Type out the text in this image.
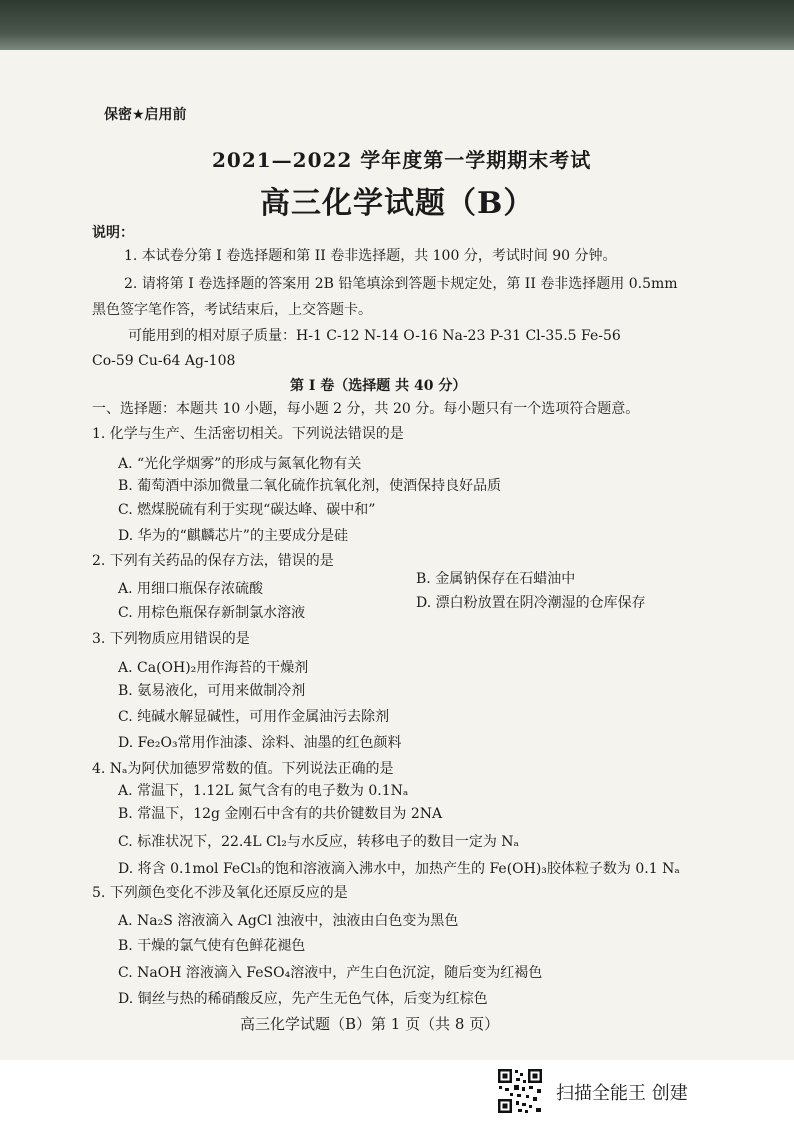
保密★启用前
2021—2022 学年度第一学期期末考试
高三化学试题（B）
说明：
1. 本试卷分第 I 卷选择题和第 II 卷非选择题，共 100 分，考试时间 90 分钟。
2. 请将第 I 卷选择题的答案用 2B 铅笔填涂到答题卡规定处，第 II 卷非选择题用 0.5mm
黑色签字笔作答，考试结束后，上交答题卡。
可能用到的相对原子质量：H-1 C-12 N-14 O-16 Na-23 P-31 Cl-35.5 Fe-56
Co-59 Cu-64 Ag-108
第 I 卷（选择题 共 40 分）
一、选择题：本题共 10 小题，每小题 2 分，共 20 分。每小题只有一个选项符合题意。
1. 化学与生产、生活密切相关。下列说法错误的是
A. “光化学烟雾”的形成与氮氧化物有关
B. 葡萄酒中添加微量二氧化硫作抗氧化剂，使酒保持良好品质
C. 燃煤脱硫有利于实现“碳达峰、碳中和”
D. 华为的“麒麟芯片”的主要成分是硅
2. 下列有关药品的保存方法，错误的是
A. 用细口瓶保存浓硫酸
B. 金属钠保存在石蜡油中
C. 用棕色瓶保存新制氯水溶液
D. 漂白粉放置在阴冷潮湿的仓库保存
3. 下列物质应用错误的是
A. Ca(OH)₂用作海苔的干燥剂
B. 氨易液化，可用来做制冷剂
C. 纯碱水解显碱性，可用作金属油污去除剂
D. Fe₂O₃常用作油漆、涂料、油墨的红色颜料
4. Nₐ为阿伏加德罗常数的值。下列说法正确的是
A. 常温下，1.12L 氮气含有的电子数为 0.1Nₐ
B. 常温下，12g 金刚石中含有的共价键数目为 2NA
C. 标准状况下，22.4L Cl₂与水反应，转移电子的数目一定为 Nₐ
D. 将含 0.1mol FeCl₃的饱和溶液滴入沸水中，加热产生的 Fe(OH)₃胶体粒子数为 0.1 Nₐ
5. 下列颜色变化不涉及氧化还原反应的是
A. Na₂S 溶液滴入 AgCl 浊液中，浊液由白色变为黑色
B. 干燥的氯气使有色鲜花褪色
C. NaOH 溶液滴入 FeSO₄溶液中，产生白色沉淀，随后变为红褐色
D. 铜丝与热的稀硝酸反应，先产生无色气体，后变为红棕色
高三化学试题（B）第 1 页（共 8 页）
扫描全能王 创建
